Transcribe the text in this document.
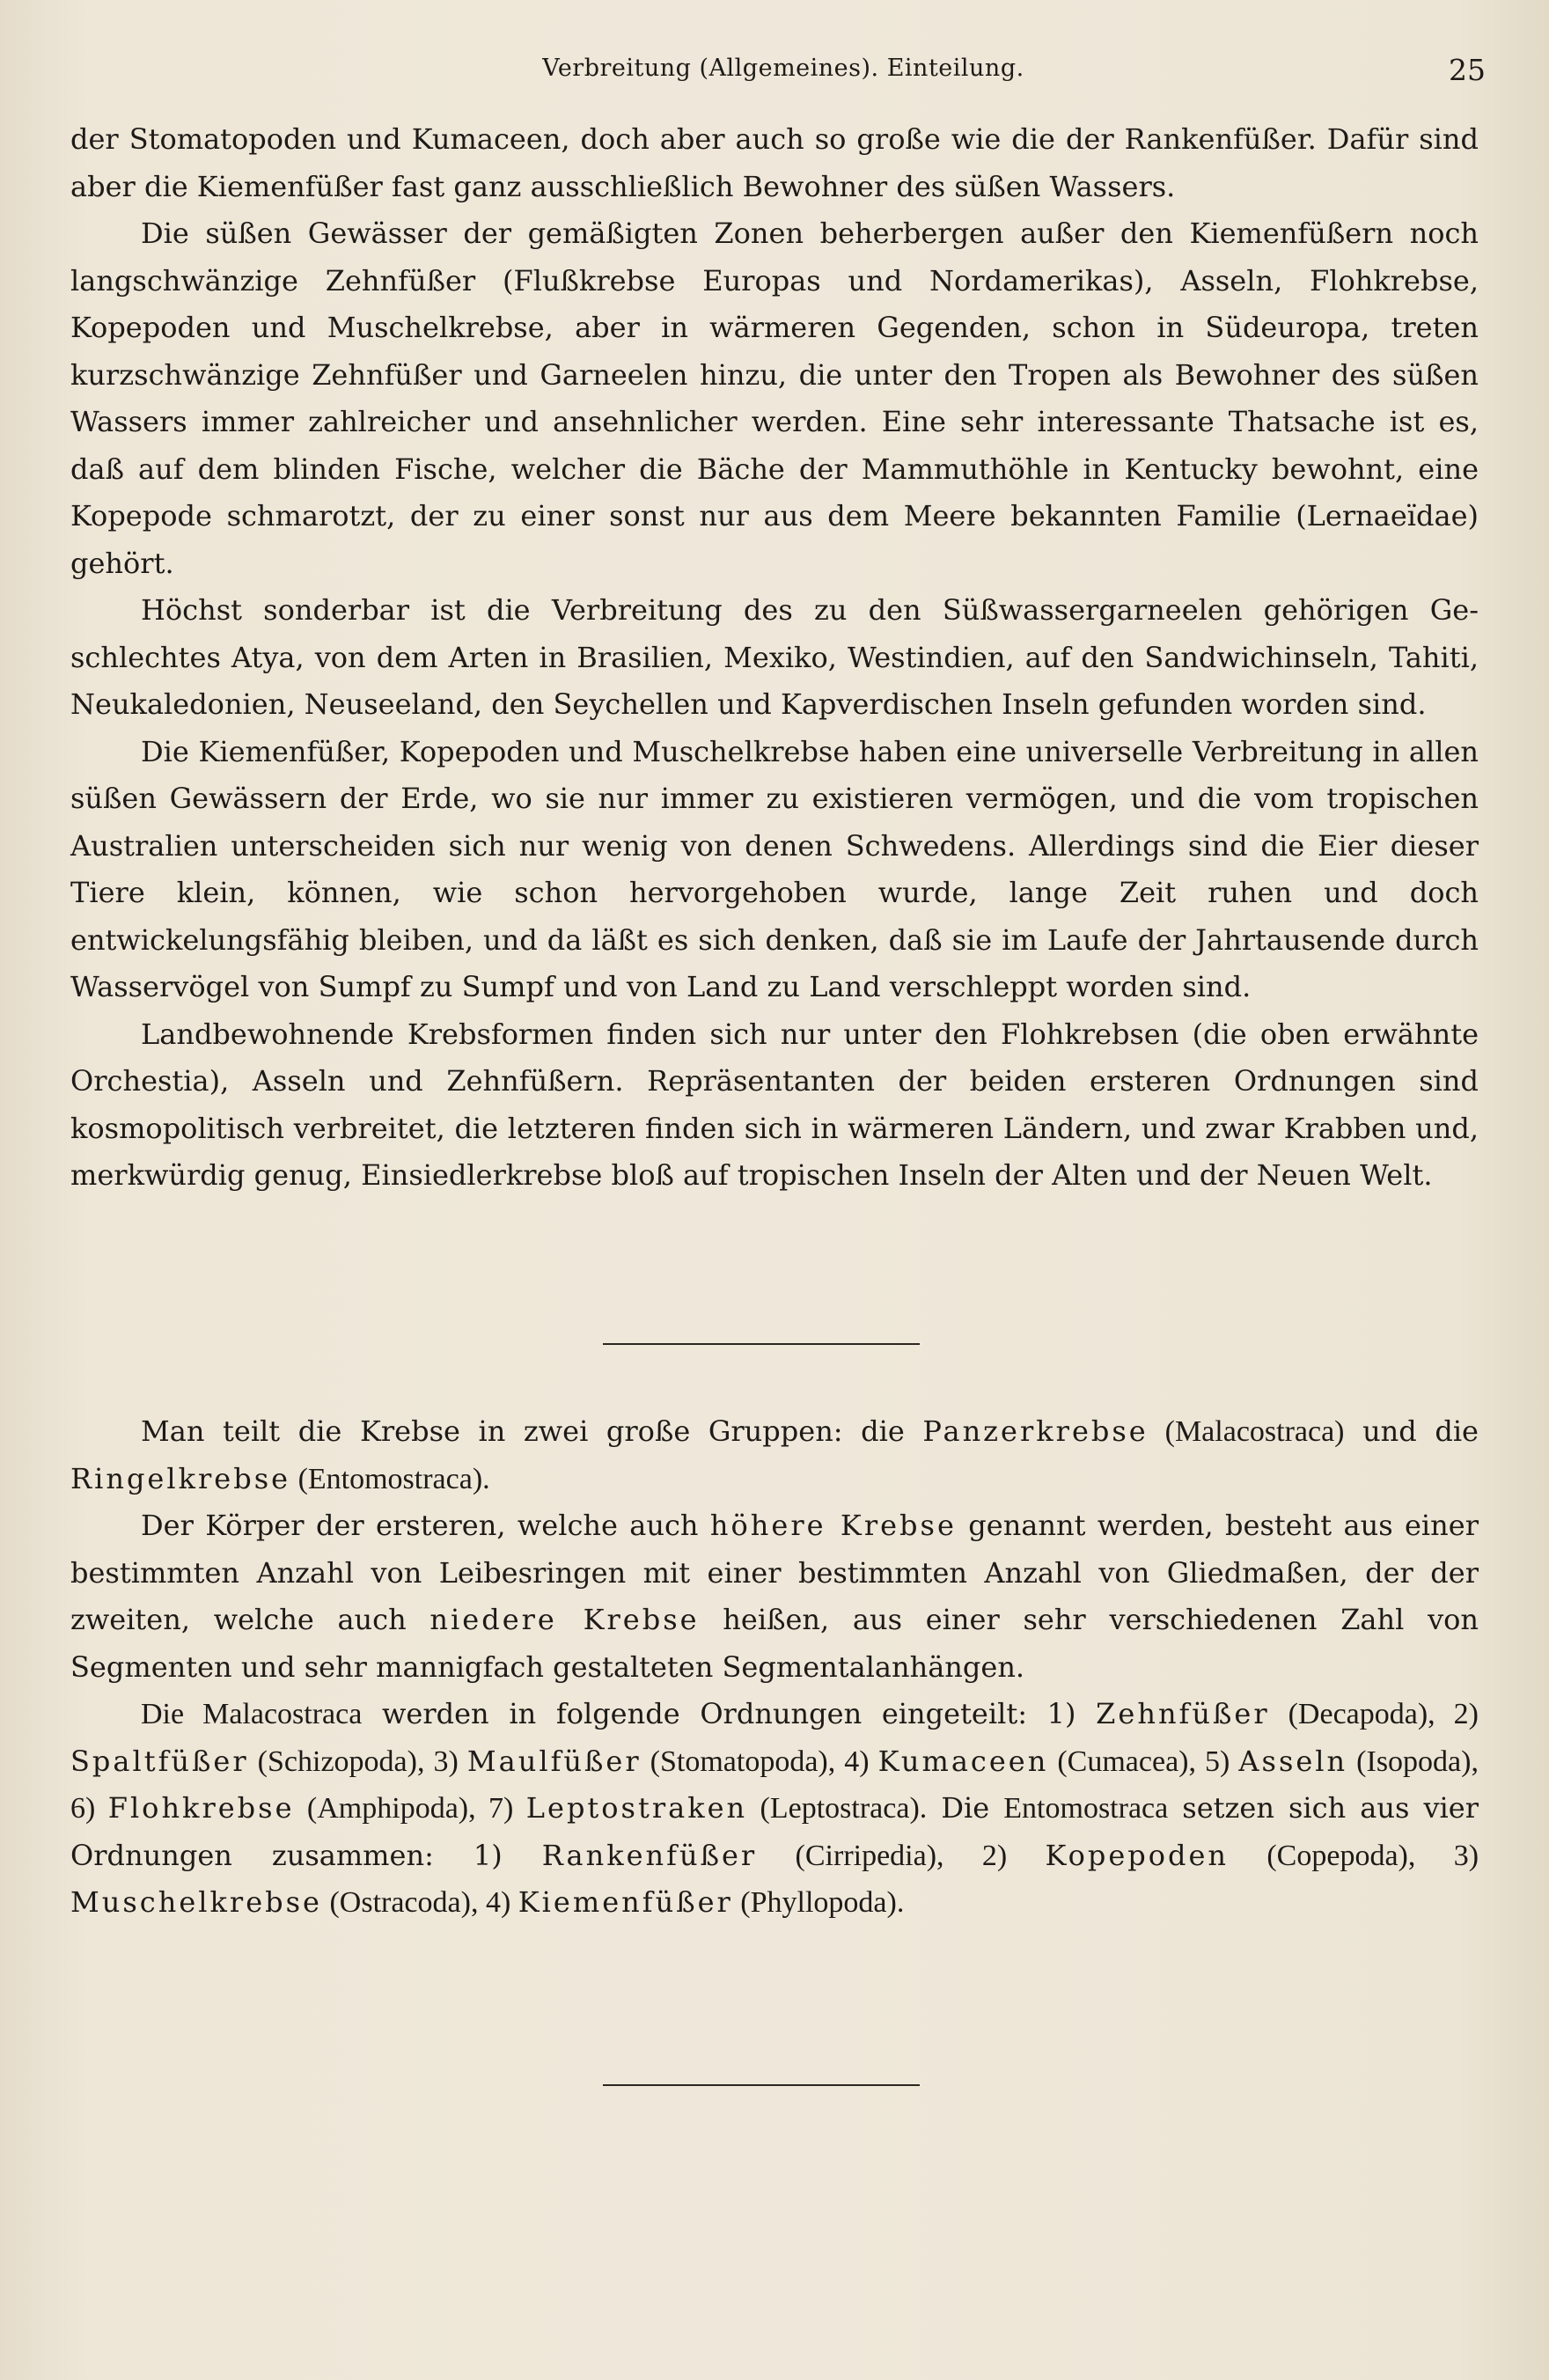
Verbreitung (Allgemeines). Einteilung.	25

der Stomatopoden und Kumaceen, doch aber auch so große wie die der Rankenfüßer. Dafür sind aber die Kiemenfüßer fast ganz ausschließlich Bewohner des süßen Wassers.

Die süßen Gewässer der gemäßigten Zonen beherbergen außer den Kiemenfüßern noch langschwänzige Zehnfüßer (Flußkrebse Europas und Nordamerikas), Asseln, Flohkrebse, Kopepoden und Muschelkrebse, aber in wärmeren Gegenden, schon in Südeuropa, treten kurzschwänzige Zehnfüßer und Garneelen hinzu, die unter den Tropen als Bewohner des süßen Wassers immer zahlreicher und ansehnlicher werden. Eine sehr interessante Thatsache ist es, daß auf dem blinden Fische, welcher die Bäche der Mammuthöhle in Kentucky bewohnt, eine Kopepode schmarotzt, der zu einer sonst nur aus dem Meere bekannten Familie (Lernaeïdae) gehört.

Höchst sonderbar ist die Verbreitung des zu den Süßwassergarneelen gehörigen Geschlechtes Atya, von dem Arten in Brasilien, Mexiko, Westindien, auf den Sandwichinseln, Tahiti, Neukaledonien, Neuseeland, den Seychellen und Kapverdischen Inseln gefunden worden sind.

Die Kiemenfüßer, Kopepoden und Muschelkrebse haben eine universelle Verbreitung in allen süßen Gewässern der Erde, wo sie nur immer zu existieren vermögen, und die vom tropischen Australien unterscheiden sich nur wenig von denen Schwedens. Allerdings sind die Eier dieser Tiere klein, können, wie schon hervorgehoben wurde, lange Zeit ruhen und doch entwickelungsfähig bleiben, und da läßt es sich denken, daß sie im Laufe der Jahrtausende durch Wasservögel von Sumpf zu Sumpf und von Land zu Land verschleppt worden sind.

Landbewohnende Krebsformen finden sich nur unter den Flohkrebsen (die oben erwähnte Orchestia), Asseln und Zehnfüßern. Repräsentanten der beiden ersteren Ordnungen sind kosmopolitisch verbreitet, die letzteren finden sich in wärmeren Ländern, und zwar Krabben und, merkwürdig genug, Einsiedlerkrebse bloß auf tropischen Inseln der Alten und der Neuen Welt.

Man teilt die Krebse in zwei große Gruppen: die Panzerkrebse (Malacostraca) und die Ringelkrebse (Entomostraca).

Der Körper der ersteren, welche auch höhere Krebse genannt werden, besteht aus einer bestimmten Anzahl von Leibesringen mit einer bestimmten Anzahl von Gliedmaßen, der der zweiten, welche auch niedere Krebse heißen, aus einer sehr verschiedenen Zahl von Segmenten und sehr mannigfach gestalteten Segmentalanhängen.

Die Malacostraca werden in folgende Ordnungen eingeteilt: 1) Zehnfüßer (Decapoda), 2) Spaltfüßer (Schizopoda), 3) Maulfüßer (Stomatopoda), 4) Kumaceen (Cumacea), 5) Asseln (Isopoda), 6) Flohkrebse (Amphipoda), 7) Leptostraken (Leptostraca). Die Entomostraca setzen sich aus vier Ordnungen zusammen: 1) Rankenfüßer (Cirripedia), 2) Kopepoden (Copepoda), 3) Muschelkrebse (Ostracoda), 4) Kiemenfüßer (Phyllopoda).
